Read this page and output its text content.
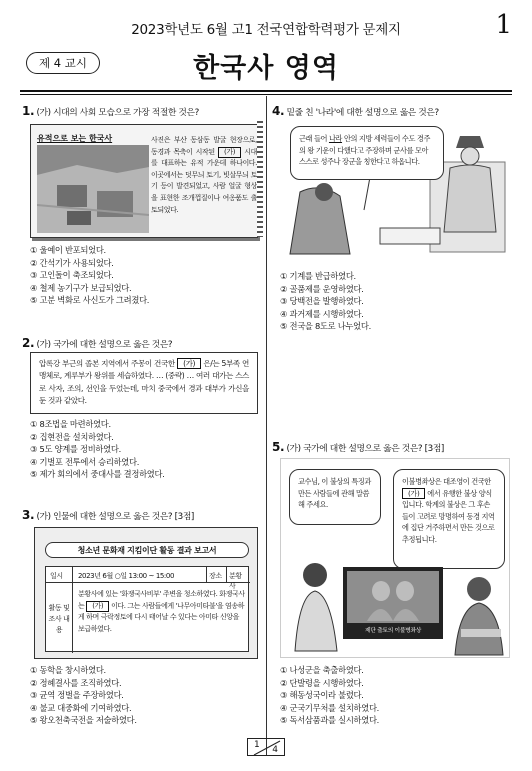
2023학년도 6월 고1 전국연합학력평가 문제지	1
제 4 교시	한국사 영역
1. (가) 시대의 사회 모습으로 가장 적절한 것은?
유적으로 보는 한국사	사진은 부산 동삼동 발굴 현장으로, 동경과 목축이 시작된 (가) 시대를 대표하는 유적 가운데 하나이다. 이곳에서는 덧무늬 토기, 빗살무늬 토기 등이 발견되었고, 사람 얼굴 형상을 표현한 조개껍질이나 여옹품도 출토되었다.
① 울예이 반포되었다.
② 간석기가 사용되었다.
③ 고인돌이 축조되었다.
④ 철제 농기구가 보급되었다.
⑤ 고분 벽화로 사신도가 그려졌다.
2. (가) 국가에 대한 설명으로 옳은 것은?
압록강 부근의 졸본 지역에서 주몽이 건국한 (가) 은/는 5부족 연맹체로, 계루부가 왕위를 세습하였다. … (중략) … 여러 대가는 스스로 사자, 조의, 선인을 두었는데, 마치 중국에서 경과 대부가 가신을 둔 것과 같았다.
① 8조법을 마련하였다.
② 집현전을 설치하였다.
③ 5도 양계를 정비하였다.
④ 기벌포 전투에서 승리하였다.
⑤ 제가 회의에서 중대사를 결정하였다.
3. (가) 인물에 대한 설명으로 옳은 것은? [3점]
청소년 문화재 지킴이단 활동 결과 보고서
일시 2023년 6월 ○일 13:00 ~ 15:00	장소 분황사
활동 및 조사 내용
분황사에 있는 '화쟁국사비부' 주변을 청소하였다. 화쟁국사는 (가) 이다. 그는 사람들에게 '나무아미타불'을 염송하게 하며 극락정토에 다시 태어날 수 있다는 아미타 신앙을 보급하였다.
① 동학을 창시하였다.
② 정혜결사를 조직하였다.
③ 균역 정벌을 주장하였다.
④ 불교 대중화에 기여하였다.
⑤ 왕오천축국전을 저술하였다.
4. 밑줄 친 '나라'에 대한 설명으로 옳은 것은?
근래 들어 나라 안의 지방 세력들이 수도 경주의 왕 기운이 다했다고 주장하며 군사를 모아 스스로 성주나 장군을 칭한다고 하옵니다.
① 기계를 반급하였다.
② 골품제를 운영하였다.
③ 당백전을 발행하였다.
④ 과거제를 시행하였다.
⑤ 전국을 8도로 나누었다.
5. (가) 국가에 대한 설명으로 옳은 것은? [3점]
교수님, 이 불상의 특징과 만든 사람들에 관해 말씀해 주세요.
이불병좌상은 대조영이 건국한 (가) 에서 유행한 불상 양식입니다. 학계의 불상은 그 후손들이 고려로 망명하여 동경 지역에 집단 거주하면서 만든 것으로 추정됩니다.
제단 출토의 이불병좌상
① 나성군을 축출하였다.
② 단발령을 시행하였다.
③ 해동성국이라 불렸다.
④ 군국기무처를 설치하였다.
⑤ 독서삼품과를 실시하였다.
1 4
